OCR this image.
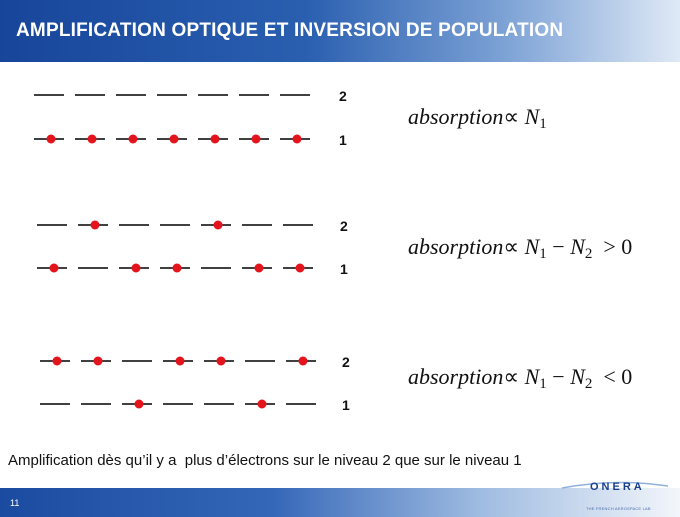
AMPLIFICATION OPTIQUE ET INVERSION DE POPULATION
2
1
2
1
2
1
absorption∝ $N_1$
absorption∝ $N_1 - N_2 > 0$
absorption∝ $N_1 - N_2 < 0$
Amplification dès qu’il y a  plus d’électrons sur le niveau 2 que sur le niveau 1
11
ONERA
THE FRENCH AEROSPACE LAB
